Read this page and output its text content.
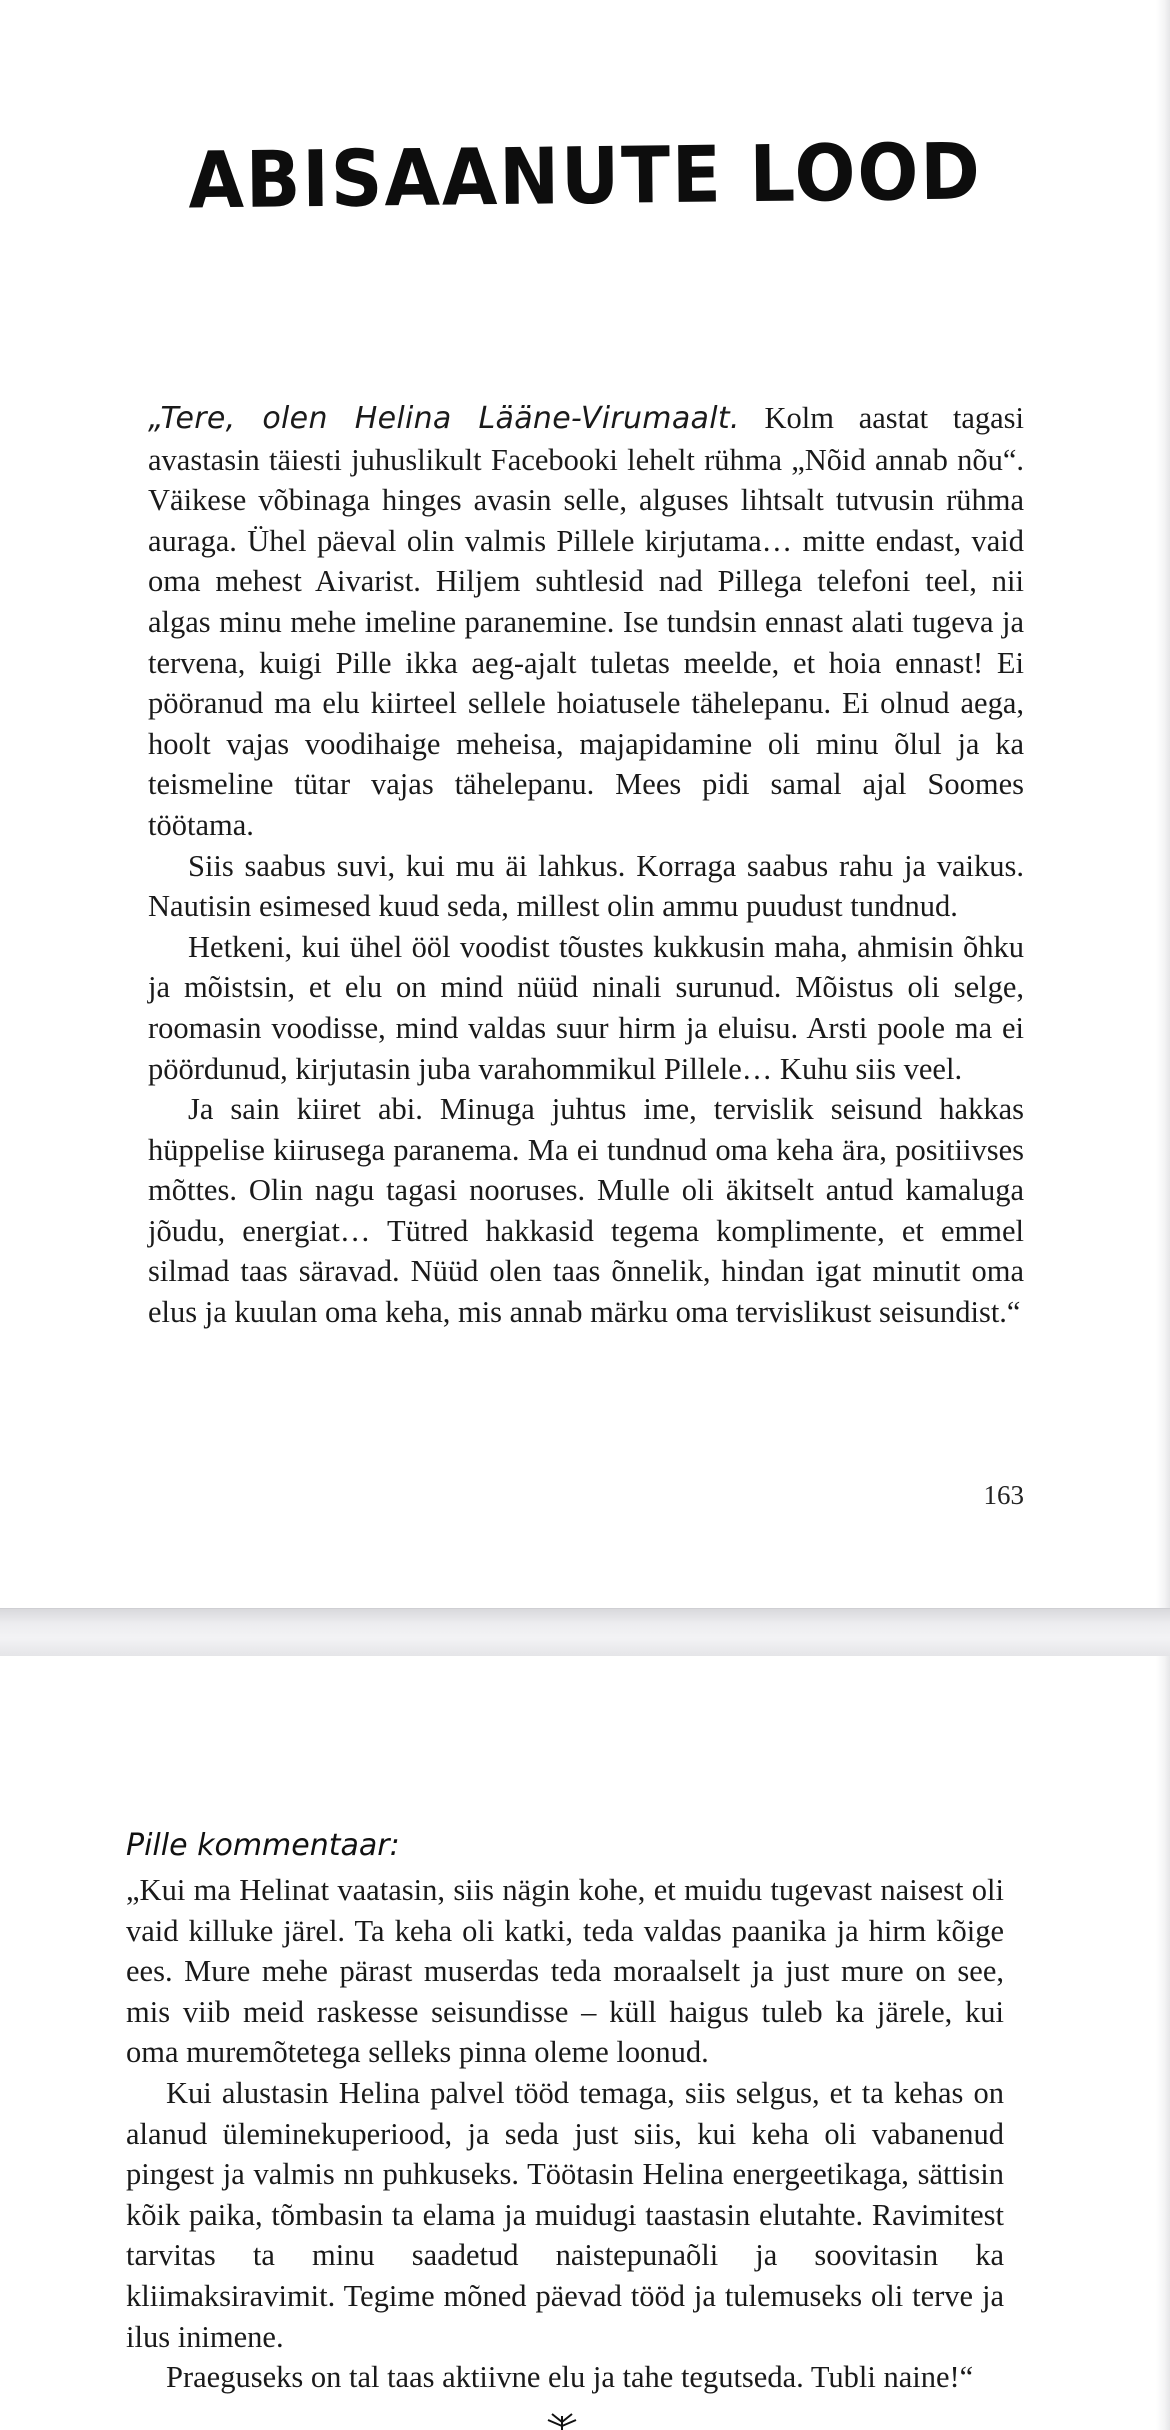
ABISAANUTE LOOD

„Tere, olen Helina Lääne-Virumaalt. Kolm aastat tagasi avastasin täiesti juhuslikult Facebooki lehelt rühma „Nõid annab nõu“. Väikese võbinaga hinges avasin selle, alguses lihtsalt tutvusin rühma auraga. Ühel päeval olin valmis Pillele kirjutama… mitte endast, vaid oma mehest Aivarist. Hiljem suhtlesid nad Pillega telefoni teel, nii algas minu mehe imeline paranemine. Ise tundsin ennast alati tugeva ja tervena, kuigi Pille ikka aeg-ajalt tuletas meelde, et hoia ennast! Ei pööranud ma elu kiirteel sellele hoiatusele tähelepanu. Ei olnud aega, hoolt vajas voodihaige meheisa, majapidamine oli minu õlul ja ka teismeline tütar vajas tähelepanu. Mees pidi samal ajal Soomes töötama.

Siis saabus suvi, kui mu äi lahkus. Korraga saabus rahu ja vaikus. Nautisin esimesed kuud seda, millest olin ammu puudust tundnud.

Hetkeni, kui ühel ööl voodist tõustes kukkusin maha, ahmisin õhku ja mõistsin, et elu on mind nüüd ninali surunud. Mõistus oli selge, roomasin voodisse, mind valdas suur hirm ja eluisu. Arsti poole ma ei pöördunud, kirjutasin juba varahommikul Pillele… Kuhu siis veel.

Ja sain kiiret abi. Minuga juhtus ime, tervislik seisund hakkas hüppelise kiirusega paranema. Ma ei tundnud oma keha ära, positiivses mõttes. Olin nagu tagasi nooruses. Mulle oli äkitselt antud kamaluga jõudu, energiat… Tütred hakkasid tegema komplimente, et emmel silmad taas säravad. Nüüd olen taas õnnelik, hindan igat minutit oma elus ja kuulan oma keha, mis annab märku oma tervislikust seisundist.“

163
Pille kommentaar:

„Kui ma Helinat vaatasin, siis nägin kohe, et muidu tugevast naisest oli vaid killuke järel. Ta keha oli katki, teda valdas paanika ja hirm kõige ees. Mure mehe pärast muserdas teda moraalselt ja just mure on see, mis viib meid raskesse seisundisse – küll haigus tuleb ka järele, kui oma muremõtetega selleks pinna oleme loonud.

Kui alustasin Helina palvel tööd temaga, siis selgus, et ta kehas on alanud üleminekuperiood, ja seda just siis, kui keha oli vabanenud pingest ja valmis nn puhkuseks. Töötasin Helina energeetikaga, sättisin kõik paika, tõmbasin ta elama ja muidugi taastasin elutahte. Ravimitest tarvitas ta minu saadetud naistepunaõli ja soovitasin ka kliimaksiravimit. Tegime mõned päevad tööd ja tulemuseks oli terve ja ilus inimene.

Praeguseks on tal taas aktiivne elu ja tahe tegutseda. Tubli naine!“
